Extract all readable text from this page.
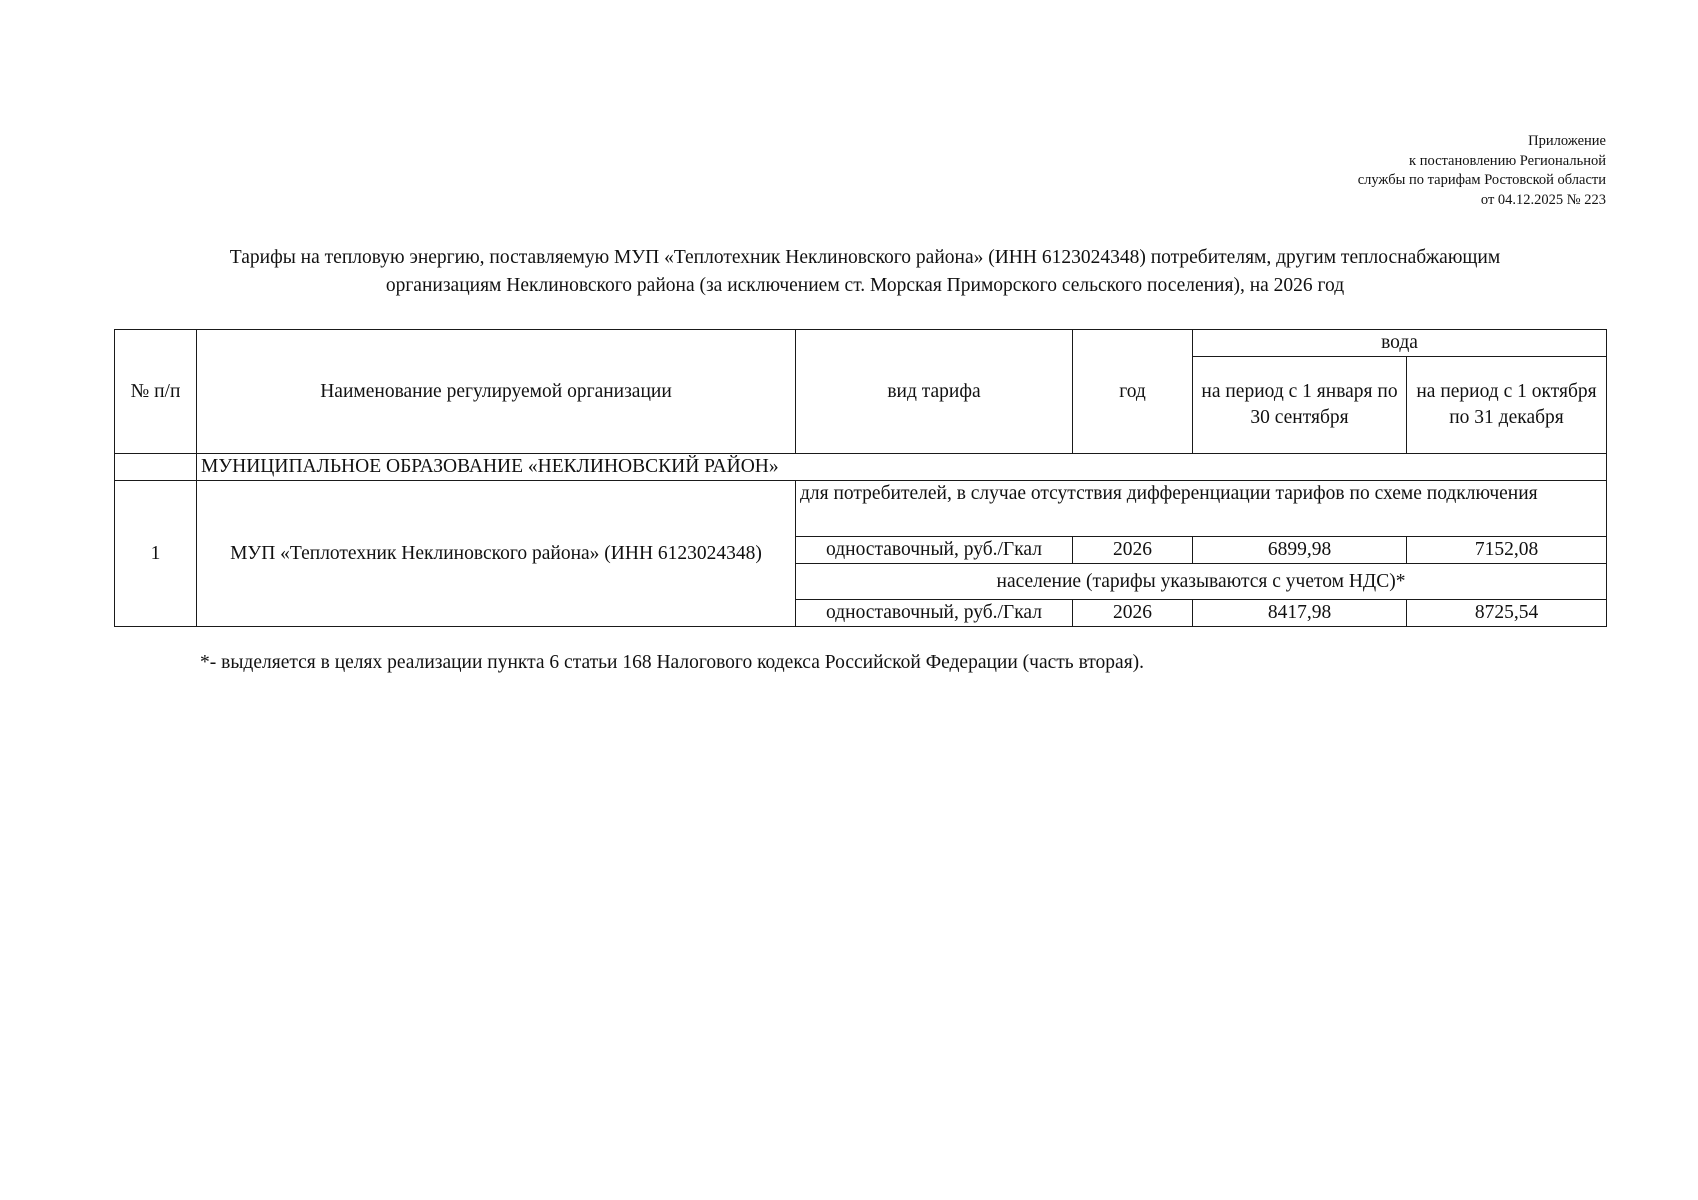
Приложение
к постановлению Региональной
службы по тарифам Ростовской области
от 04.12.2025 № 223
Тарифы на тепловую энергию, поставляемую МУП «Теплотехник Неклиновского района» (ИНН 6123024348) потребителям, другим теплоснабжающим
организациям Неклиновского района (за исключением ст. Морская Приморского сельского поселения), на 2026 год
№ п/п	Наименование регулируемой организации	вид тарифа	год	вода	
				на период с 1 января по 30 сентября	на период с 1 октября по 31 декабря
	МУНИЦИПАЛЬНОЕ ОБРАЗОВАНИЕ «НЕКЛИНОВСКИЙ РАЙОН»				
1	МУП «Теплотехник Неклиновского района» (ИНН 6123024348)	для потребителей, в случае отсутствия дифференциации тарифов по схеме подключения			
		одноставочный, руб./Гкал	2026	6899,98	7152,08
		население (тарифы указываются с учетом НДС)*			
		одноставочный, руб./Гкал	2026	8417,98	8725,54
*- выделяется в целях реализации пункта 6 статьи 168 Налогового кодекса Российской Федерации (часть вторая).
